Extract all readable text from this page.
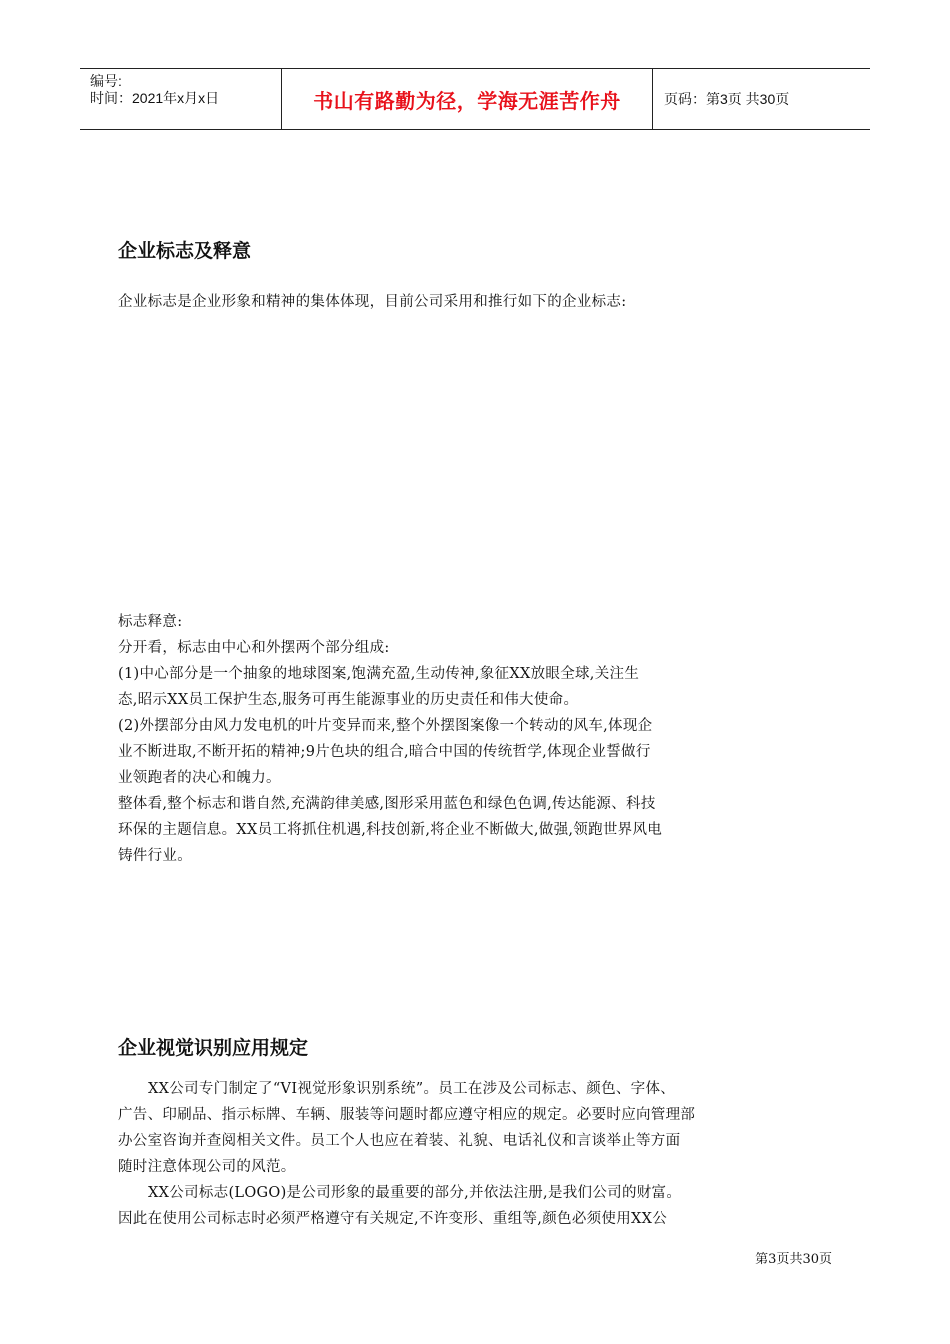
编号:
时间：2021年x月x日	书山有路勤为径，学海无涯苦作舟	页码：第3页 共30页
企业标志及释意
企业标志是企业形象和精神的集体体现，目前公司采用和推行如下的企业标志:
标志释意:
分开看，标志由中心和外摆两个部分组成:
(1)中心部分是一个抽象的地球图案,饱满充盈,生动传神,象征XX放眼全球,关注生
态,昭示XX员工保护生态,服务可再生能源事业的历史责任和伟大使命。
(2)外摆部分由风力发电机的叶片变异而来,整个外摆图案像一个转动的风车,体现企
业不断进取,不断开拓的精神;9片色块的组合,暗合中国的传统哲学,体现企业誓做行
业领跑者的决心和魄力。
整体看,整个标志和谐自然,充满韵律美感,图形采用蓝色和绿色色调,传达能源、科技
环保的主题信息。XX员工将抓住机遇,科技创新,将企业不断做大,做强,领跑世界风电
铸件行业。
企业视觉识别应用规定
XX公司专门制定了“VI视觉形象识别系统”。员工在涉及公司标志、颜色、字体、
广告、印刷品、指示标牌、车辆、服装等问题时都应遵守相应的规定。必要时应向管理部
办公室咨询并查阅相关文件。员工个人也应在着装、礼貌、电话礼仪和言谈举止等方面
随时注意体现公司的风范。
XX公司标志(LOGO)是公司形象的最重要的部分,并依法注册,是我们公司的财富。
因此在使用公司标志时必须严格遵守有关规定,不许变形、重组等,颜色必须使用XX公
第3页共30页
